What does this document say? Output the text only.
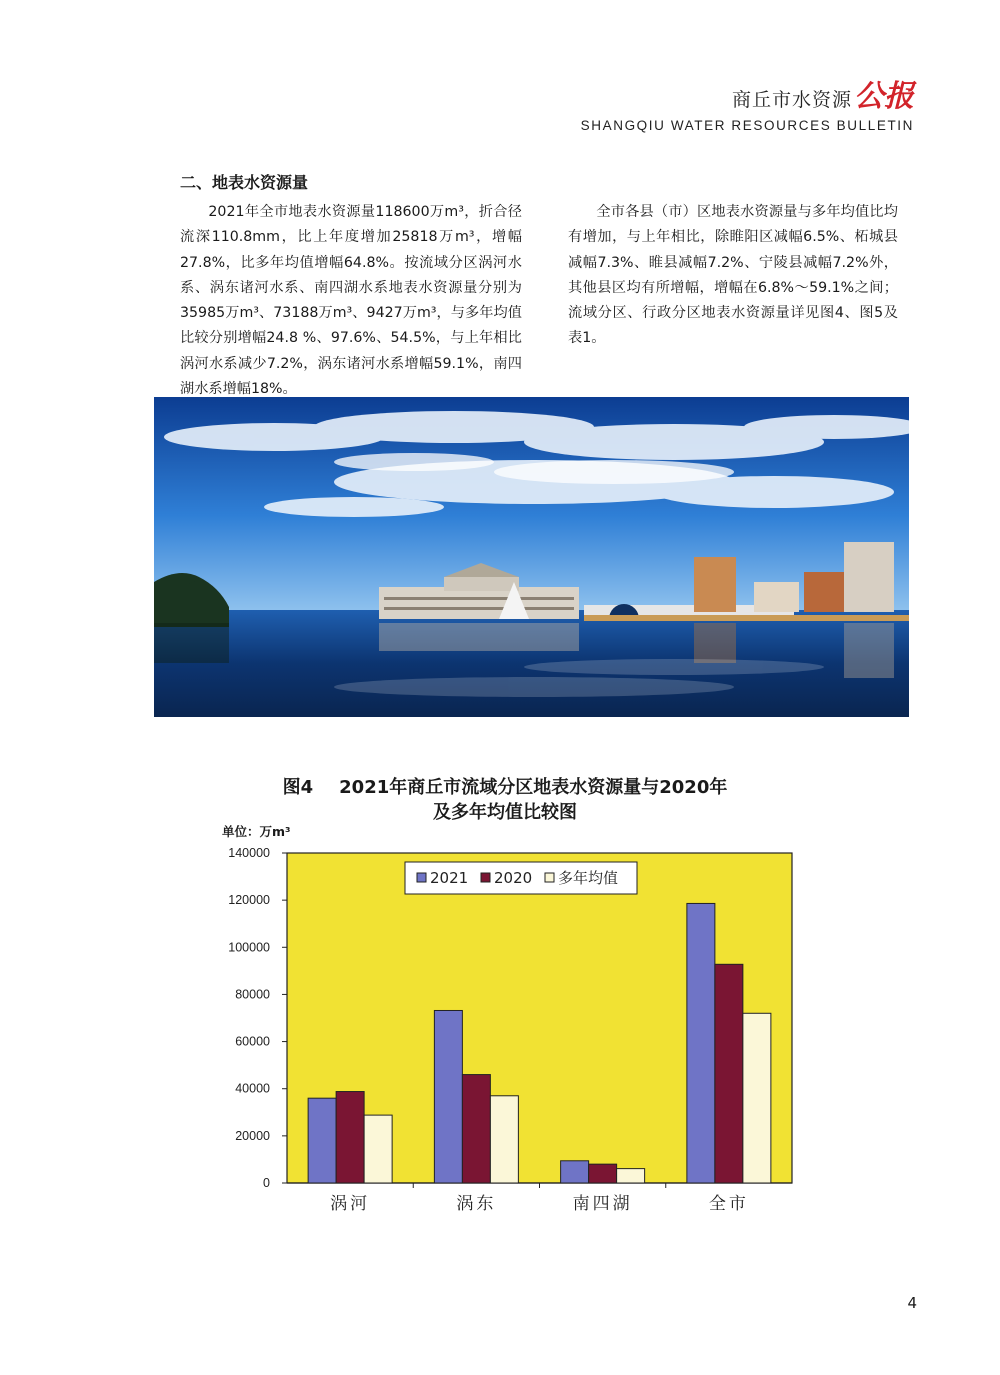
商丘市水资源 公报
SHANGQIU WATER RESOURCES BULLETIN
二、地表水资源量

2021年全市地表水资源量118600万m³，折合径流深110.8mm，比上年度增加25818万m³，增幅27.8%，比多年均值增幅64.8%。按流域分区涡河水系、涡东诸河水系、南四湖水系地表水资源量分别为35985万m³、73188万m³、9427万m³，与多年均值比较分别增幅24.8 %、97.6%、54.5%，与上年相比涡河水系减少7.2%，涡东诸河水系增幅59.1%，南四湖水系增幅18%。

全市各县（市）区地表水资源量与多年均值比均有增加，与上年相比，除睢阳区减幅6.5%、柘城县减幅7.3%、睢县减幅7.2%、宁陵县减幅7.2%外，其他县区均有所增幅，增幅在6.8%～59.1%之间；流域分区、行政分区地表水资源量详见图4、图5及表1。

图4 2021年商丘市流域分区地表水资源量与2020年
及多年均值比较图
单位：万m³
0
20000
40000
60000
80000
100000
120000
140000
涡河	涡东	南四湖	全市
2021 2020 多年均值
4
